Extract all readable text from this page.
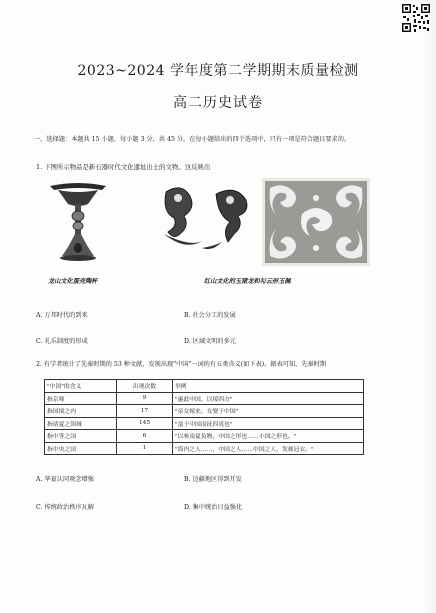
2023~2024 学年度第二学期期末质量检测
高二历史试卷
一、选择题：本题共 15 小题，每小题 3 分，共 45 分。在每小题给出的四个选项中，只有一项是符合题目要求的。
1. 下图所示物品是新石器时代文化遗址出土的文物。这反映出
龙山文化蛋壳陶杯	红山文化的玉猪龙和勾云形玉佩
A. 万邦时代的到来	B. 社会分工的发展
C. 礼乐制度的形成	D. 区域文明的多元
2. 有学者统计了先秦时期的 53 种文献，发现出现"中国"一词的有五类含义(如下表)。据表可知，先秦时期
"中国"的含义	出现次数	举例
指京师	9	"惠此中国，以绥四方"
指国境之内	17	"帝女嫁来，女娶于中国"
指诸夏之领域	145	"蛮于中国而抚四夷也"
指中等之国	6	"以参南夏负物，中国之形也……小国之形也。"
指中央之国	1	"海内之人……，中国之人……中国之人，发被冠衣。"
A. 华夏认同观念增强	B. 边疆地区得到开发
C. 传统政治秩序瓦解	D. 集中统治日益强化
